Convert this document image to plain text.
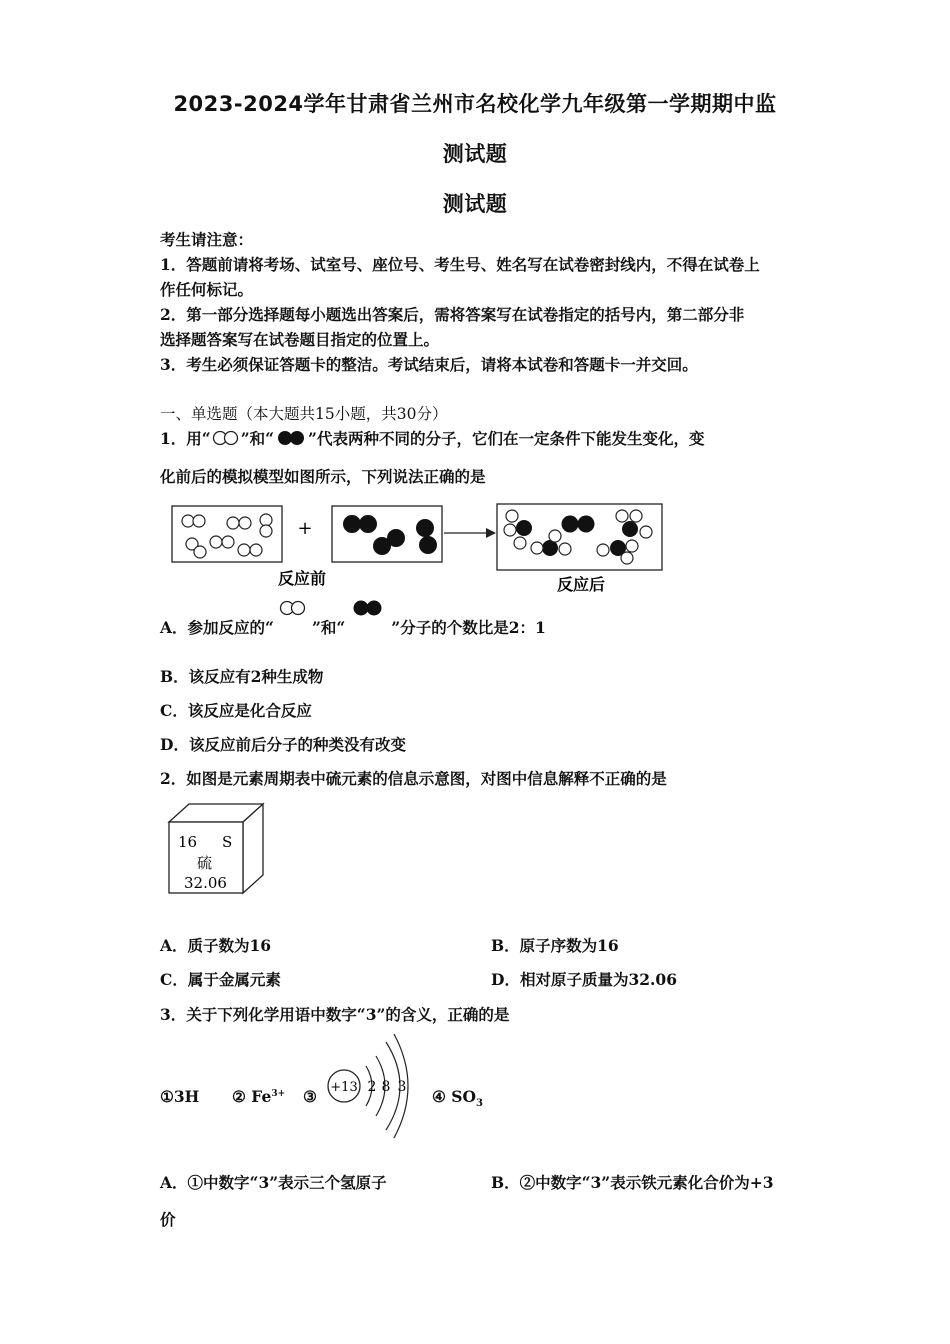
2023-2024学年甘肃省兰州市名校化学九年级第一学期期中监
测试题
测试题
考生请注意：
1．答题前请将考场、试室号、座位号、考生号、姓名写在试卷密封线内，不得在试卷上
作任何标记。
2．第一部分选择题每小题选出答案后，需将答案写在试卷指定的括号内，第二部分非
选择题答案写在试卷题目指定的位置上。
3．考生必须保证答题卡的整洁。考试结束后，请将本试卷和答题卡一并交回。
一、单选题（本大题共15小题，共30分）
1．用“ ”和“ ”代表两种不同的分子，它们在一定条件下能发生变化，变
化前后的模拟模型如图所示，下列说法正确的是
+
反应前	反应后
A．参加反应的“ ”和“	”分子的个数比是2：1
B．该反应有2种生成物
C．该反应是化合反应
D．该反应前后分子的种类没有改变
2．如图是元素周期表中硫元素的信息示意图，对图中信息解释不正确的是
16 S
硫
32.06
A．质子数为16	B．原子序数为16
C．属于金属元素	D．相对原子质量为32.06
3．关于下列化学用语中数字“3”的含义，正确的是
①3H ② $Fe^{3+}$ ③ +13 2 8 3 ④ $SO_3$
A．①中数字“3”表示三个氢原子	B．②中数字“3”表示铁元素化合价为+3
价
